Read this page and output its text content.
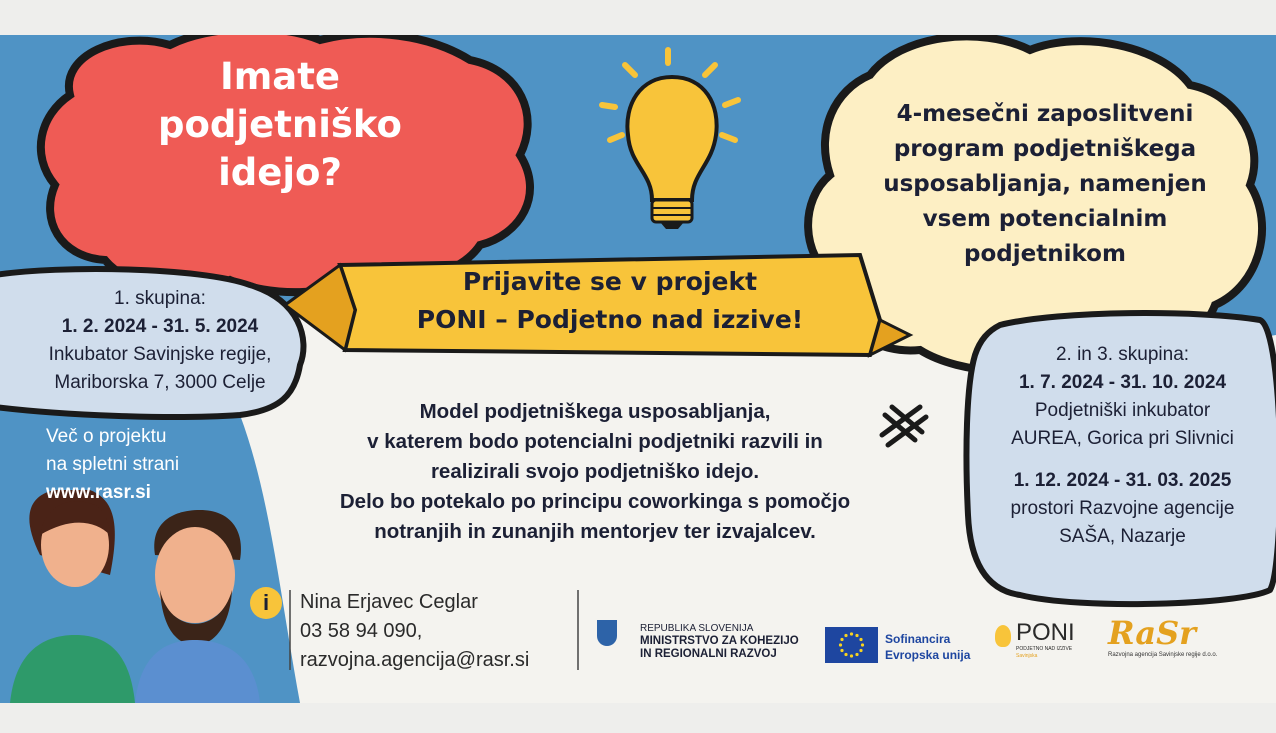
Imate
podjetniško
idejo?
4-mesečni zaposlitveni
program podjetniškega
usposabljanja, namenjen
vsem potencialnim
podjetnikom
Prijavite se v projekt
PONI – Podjetno nad izzive!
1. skupina:
1. 2. 2024 - 31. 5. 2024
Inkubator Savinjske regije,
Mariborska 7, 3000 Celje
2. in 3. skupina:
1. 7. 2024 - 31. 10. 2024
Podjetniški inkubator
AUREA, Gorica pri Slivnici
1. 12. 2024 - 31. 03. 2025
prostori Razvojne agencije
SAŠA, Nazarje
Več o projektu
na spletni strani
www.rasr.si
Model podjetniškega usposabljanja,
v katerem bodo potencialni podjetniki razvili in
realizirali svojo podjetniško idejo.
Delo bo potekalo po principu coworkinga s pomočjo
notranjih in zunanjih mentorjev ter izvajalcev.
i	Nina Erjavec Ceglar
03 58 94 090,
razvojna.agencija@rasr.si
REPUBLIKA SLOVENIJA
MINISTRSTVO ZA KOHEZIJO
IN REGIONALNI RAZVOJ
Sofinancira
Evropska unija
PONI
PODJETNO NAD IZZIVE
Savinjska
RaSr
Razvojna agencija Savinjske regije d.o.o.
